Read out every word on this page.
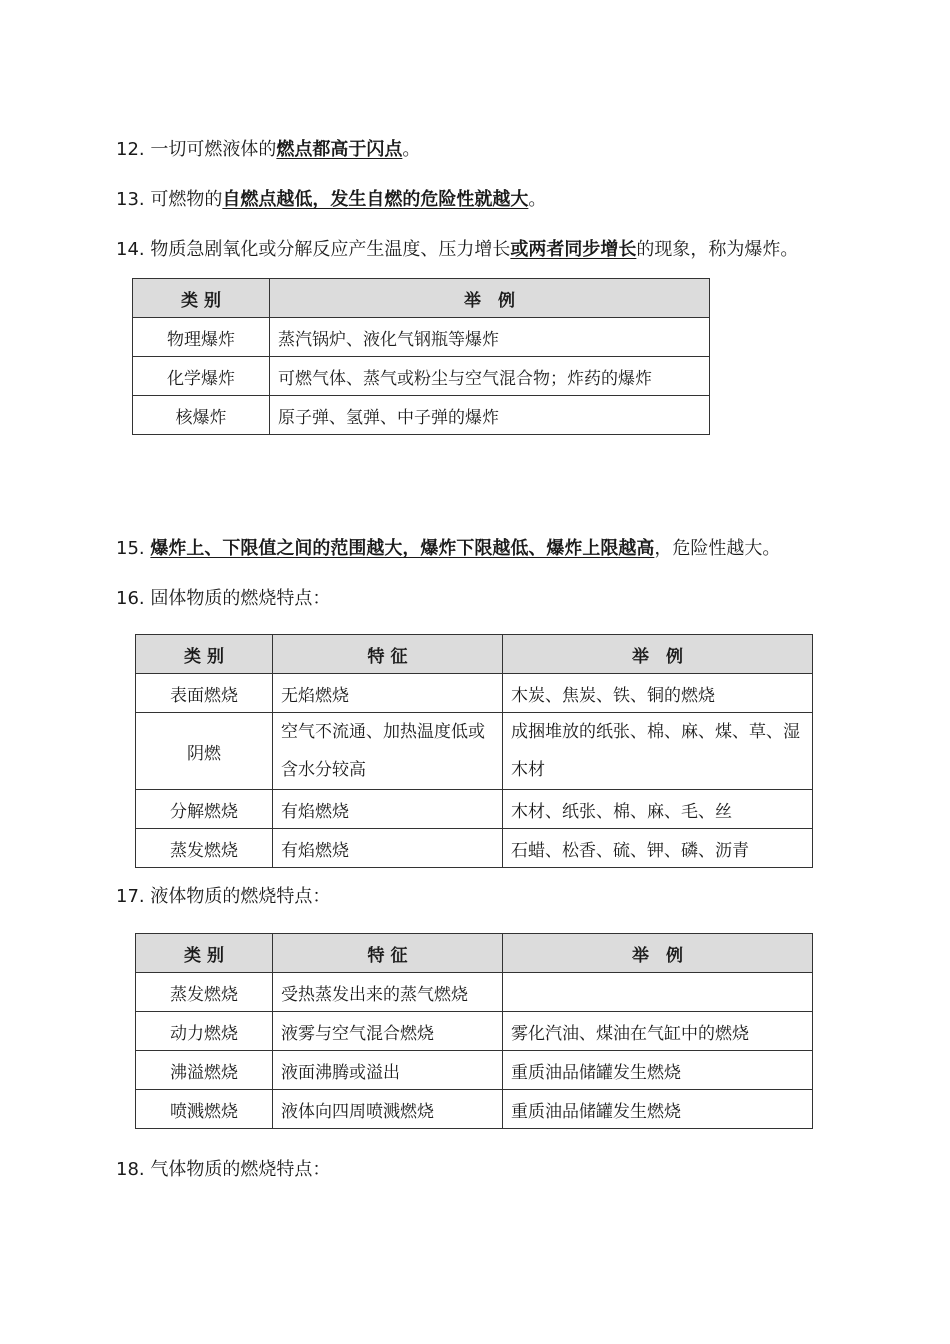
12. 一切可燃液体的燃点都高于闪点。
13. 可燃物的自燃点越低，发生自燃的危险性就越大。
14. 物质急剧氧化或分解反应产生温度、压力增长或两者同步增长的现象，称为爆炸。
类 别	举　例
物理爆炸	蒸汽锅炉、液化气钢瓶等爆炸
化学爆炸	可燃气体、蒸气或粉尘与空气混合物；炸药的爆炸
核爆炸	原子弹、氢弹、中子弹的爆炸
15. 爆炸上、下限值之间的范围越大，爆炸下限越低、爆炸上限越高，危险性越大。
16. 固体物质的燃烧特点：
类 别	特 征	举　例
表面燃烧	无焰燃烧	木炭、焦炭、铁、铜的燃烧
阴燃	空气不流通、加热温度低或含水分较高	成捆堆放的纸张、棉、麻、煤、草、湿木材
分解燃烧	有焰燃烧	木材、纸张、棉、麻、毛、丝
蒸发燃烧	有焰燃烧	石蜡、松香、硫、钾、磷、沥青
17. 液体物质的燃烧特点：
类 别	特 征	举　例
蒸发燃烧	受热蒸发出来的蒸气燃烧	
动力燃烧	液雾与空气混合燃烧	雾化汽油、煤油在气缸中的燃烧
沸溢燃烧	液面沸腾或溢出	重质油品储罐发生燃烧
喷溅燃烧	液体向四周喷溅燃烧	重质油品储罐发生燃烧
18. 气体物质的燃烧特点：
